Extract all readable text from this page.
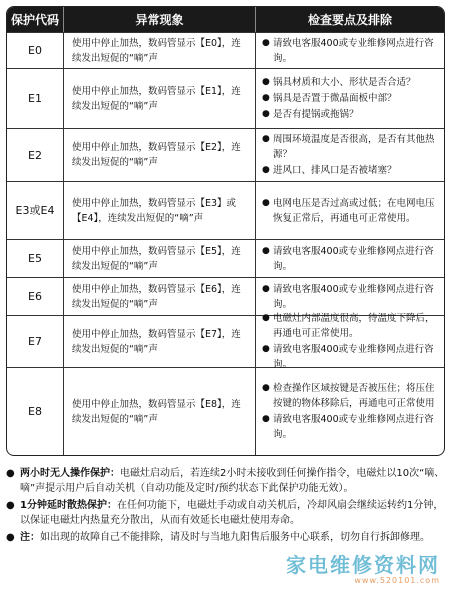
保护代码	异常现象	检查要点及排除
E0
使用中停止加热，数码管显示【E0】，连续发出短促的“嘀”声
● 请致电客服400或专业维修网点进行咨询。
E1
使用中停止加热，数码管显示【E1】，连续发出短促的“嘀”声
● 锅具材质和大小、形状是否合适？
● 锅具是否置于微晶面板中部？
● 是否有提锅或拖锅？
E2
使用中停止加热，数码管显示【E2】，连续发出短促的“嘀”声
● 周围环境温度是否很高，是否有其他热源？
● 进风口、排风口是否被堵塞？
E3或E4
使用中停止加热，数码管显示【E3】或【E4】，连续发出短促的“嘀”声
● 电网电压是否过高或过低；在电网电压恢复正常后，再通电可正常使用。
E5
使用中停止加热，数码管显示【E5】，连续发出短促的“嘀”声
● 请致电客服400或专业维修网点进行咨询。
E6
使用中停止加热，数码管显示【E6】，连续发出短促的“嘀”声
● 请致电客服400或专业维修网点进行咨询。
E7
使用中停止加热，数码管显示【E7】，连续发出短促的“嘀”声
● 电磁灶内部温度很高，待温度下降后，再通电可正常使用。
● 请致电客服400或专业维修网点进行咨询。
E8
使用中停止加热，数码管显示【E8】，连续发出短促的“嘀”声
● 检查操作区域按键是否被压住；将压住按键的物体移除后，再通电可正常使用
● 请致电客服400或专业维修网点进行咨询。
● 两小时无人操作保护：电磁灶启动后，若连续2小时未接收到任何操作指令，电磁灶以10次“嘀、嘀”声提示用户后自动关机（自动功能及定时/预约状态下此保护功能无效）。
● 1分钟延时散热保护：在任何功能下，电磁灶手动或自动关机后，冷却风扇会继续运转约1分钟，以保证电磁灶内热量充分散出，从而有效延长电磁灶使用寿命。
● 注：如出现的故障自己不能排除，请及时与当地九阳售后服务中心联系，切勿自行拆卸修理。
家电维修资料网
www.520101.com
